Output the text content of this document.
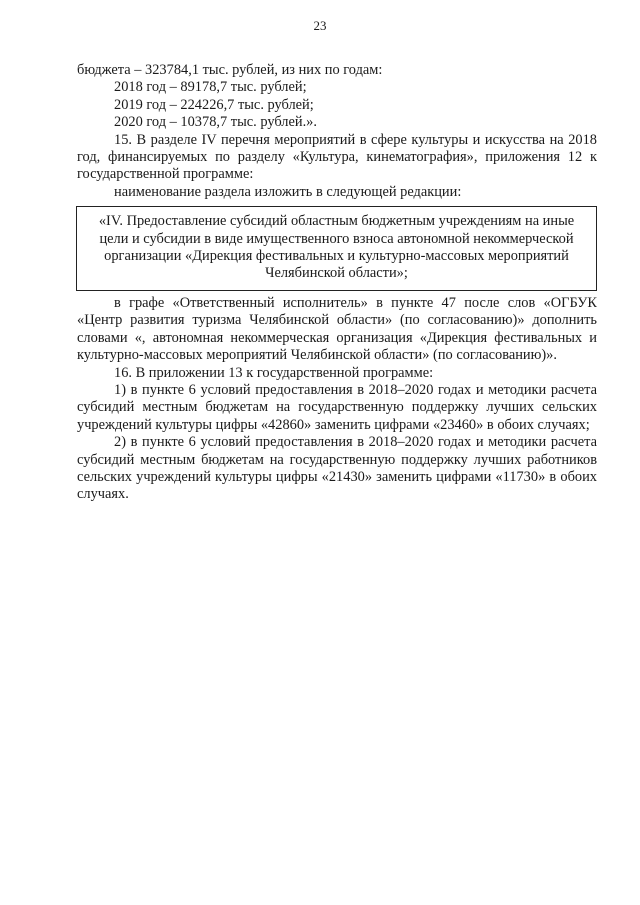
23

бюджета – 323784,1 тыс. рублей, из них по годам:

2018 год – 89178,7 тыс. рублей;

2019 год – 224226,7 тыс. рублей;

2020 год – 10378,7 тыс. рублей.».

15. В разделе IV перечня мероприятий в сфере культуры и искусства на 2018 год, финансируемых по разделу «Культура, кинематография», приложения 12 к государственной программе:

наименование раздела изложить в следующей редакции:

«IV. Предоставление субсидий областным бюджетным учреждениям на иные
цели и субсидии в виде имущественного взноса автономной некоммерческой
организации «Дирекция фестивальных и культурно-массовых мероприятий
Челябинской области»;

в графе «Ответственный исполнитель» в пункте 47 после слов «ОГБУК «Центр развития туризма Челябинской области» (по согласованию)» дополнить словами «, автономная некоммерческая организация «Дирекция фестивальных и культурно-массовых мероприятий Челябинской области» (по согласованию)».

16. В приложении 13 к государственной программе:

1) в пункте 6 условий предоставления в 2018–2020 годах и методики расчета субсидий местным бюджетам на государственную поддержку лучших сельских учреждений культуры цифры «42860» заменить цифрами «23460» в обоих случаях;

2) в пункте 6 условий предоставления в 2018–2020 годах и методики расчета субсидий местным бюджетам на государственную поддержку лучших работников сельских учреждений культуры цифры «21430» заменить цифрами «11730» в обоих случаях.
